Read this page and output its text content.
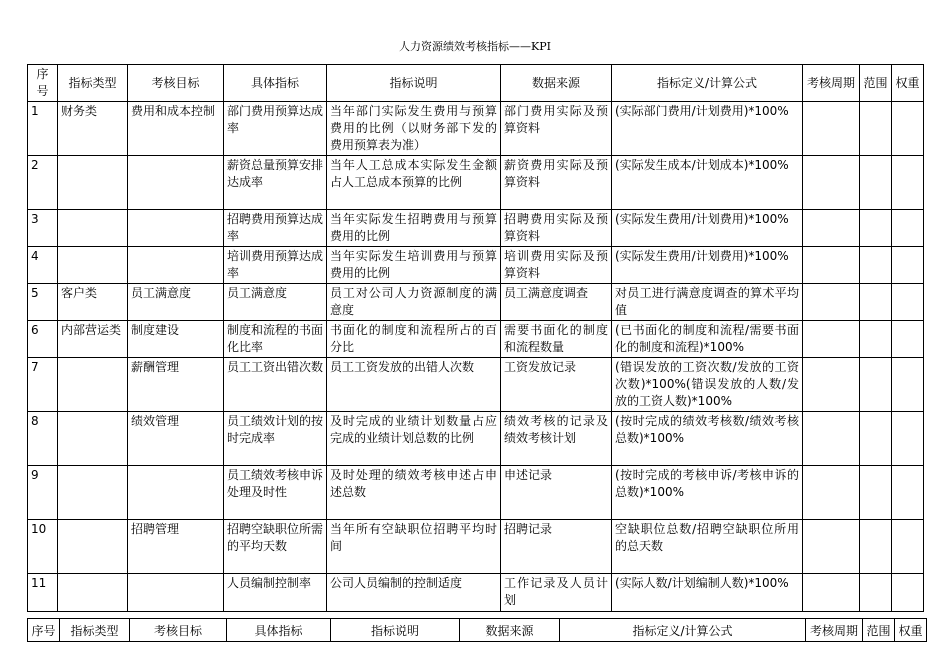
人力资源绩效考核指标——KPI
序号	指标类型	考核目标	具体指标	指标说明	数据来源	指标定义/计算公式	考核周期	范围	权重
1	财务类	费用和成本控制	部门费用预算达成率	当年部门实际发生费用与预算费用的比例（以财务部下发的费用预算表为准）	部门费用实际及预算资料	(实际部门费用/计划费用)*100%			
2			薪资总量预算安排达成率	当年人工总成本实际发生金额占人工总成本预算的比例	薪资费用实际及预算资料	(实际发生成本/计划成本)*100%			
3			招聘费用预算达成率	当年实际发生招聘费用与预算费用的比例	招聘费用实际及预算资料	(实际发生费用/计划费用)*100%			
4			培训费用预算达成率	当年实际发生培训费用与预算费用的比例	培训费用实际及预算资料	(实际发生费用/计划费用)*100%			
5	客户类	员工满意度	员工满意度	员工对公司人力资源制度的满意度	员工满意度调查	对员工进行满意度调查的算术平均值			
6	内部营运类	制度建设	制度和流程的书面化比率	书面化的制度和流程所占的百分比	需要书面化的制度和流程数量	(已书面化的制度和流程/需要书面化的制度和流程)*100%			
7		薪酬管理	员工工资出错次数	员工工资发放的出错人次数	工资发放记录	(错误发放的工资次数/发放的工资次数)*100%(错误发放的人数/发放的工资人数)*100%			
8		绩效管理	员工绩效计划的按时完成率	及时完成的业绩计划数量占应完成的业绩计划总数的比例	绩效考核的记录及绩效考核计划	(按时完成的绩效考核数/绩效考核总数)*100%			
9			员工绩效考核申诉处理及时性	及时处理的绩效考核申述占申述总数	申述记录	(按时完成的考核申诉/考核申诉的总数)*100%			
10		招聘管理	招聘空缺职位所需的平均天数	当年所有空缺职位招聘平均时间	招聘记录	空缺职位总数/招聘空缺职位所用的总天数			
11			人员编制控制率	公司人员编制的控制适度	工作记录及人员计划	(实际人数/计划编制人数)*100%			
序号	指标类型	考核目标	具体指标	指标说明	数据来源	指标定义/计算公式	考核周期	范围	权重
